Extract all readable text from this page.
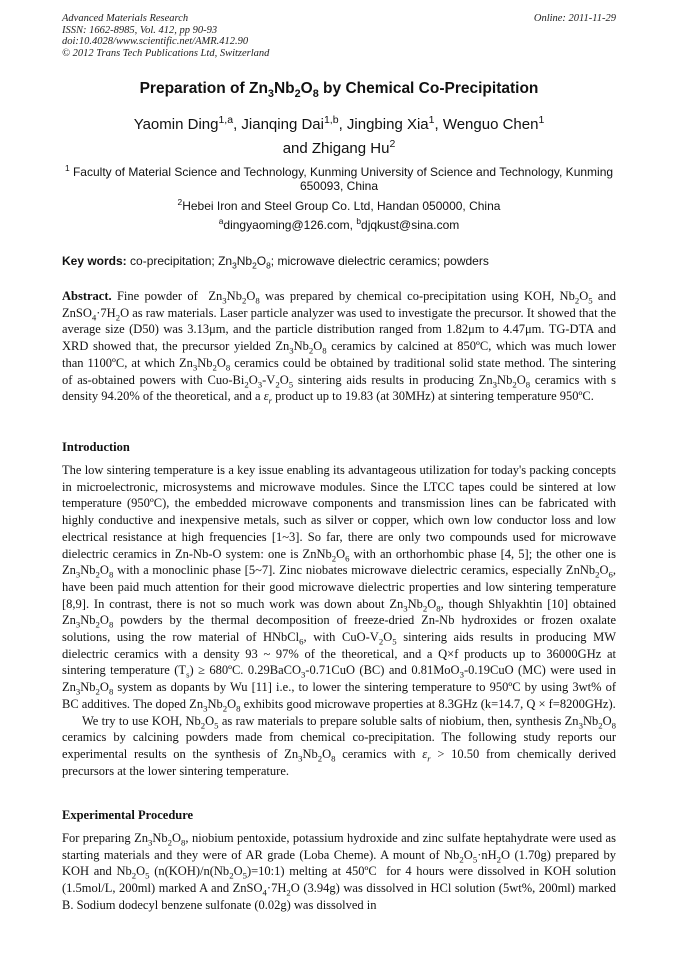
Advanced Materials Research
ISSN: 1662-8985, Vol. 412, pp 90-93
doi:10.4028/www.scientific.net/AMR.412.90
© 2012 Trans Tech Publications Ltd, Switzerland
Online: 2011-11-29
Preparation of $Zn_3Nb_2O_8$ by Chemical Co-Precipitation
Yaomin Ding$^{1,a}$, Jianqing Dai$^{1,b}$, Jingbing Xia$^1$, Wenguo Chen$^1$
and Zhigang Hu$^2$
$^1$ Faculty of Material Science and Technology, Kunming University of Science and Technology, Kunming 650093, China
$^2$Hebei Iron and Steel Group Co. Ltd, Handan 050000, China
$^a$dingyaoming@126.com, $^b$djqkust@sina.com
Key words: co-precipitation; $Zn_3Nb_2O_8$; microwave dielectric ceramics; powders

Abstract. Fine powder of  $Zn_3Nb_2O_8$ was prepared by chemical co-precipitation using KOH, $Nb_2O_5$ and $ZnSO_4\cdot 7H_2O$ as raw materials. Laser particle analyzer was used to investigate the precursor. It showed that the average size (D50) was 3.13μm, and the particle distribution ranged from 1.82μm to 4.47μm. TG-DTA and XRD showed that, the precursor yielded $Zn_3Nb_2O_8$ ceramics by calcined at 850ºC, which was much lower than 1100ºC, at which $Zn_3Nb_2O_8$ ceramics could be obtained by traditional solid state method. The sintering of as-obtained powers with Cuo-$Bi_2O_3-V_2O_5$ sintering aids results in producing $Zn_3Nb_2O_8$ ceramics with s density 94.20% of the theoretical, and a $\varepsilon_r$ product up to 19.83 (at 30MHz) at sintering temperature 950ºC.

Introduction

The low sintering temperature is a key issue enabling its advantageous utilization for today's packing concepts in microelectronic, microsystems and microwave modules. Since the LTCC tapes could be sintered at low temperature (950ºC), the embedded microwave components and transmission lines can be fabricated with highly conductive and inexpensive metals, such as silver or copper, which own low conductor loss and low electrical resistance at high frequencies [1~3]. So far, there are only two compounds used for microwave dielectric ceramics in Zn-Nb-O system: one is $ZnNb_2O_6$ with an orthorhombic phase [4, 5]; the other one is $Zn_3Nb_2O_8$ with a monoclinic phase [5~7]. Zinc niobates microwave dielectric ceramics, especially $ZnNb_2O_6$, have been paid much attention for their good microwave dielectric properties and low sintering temperature [8,9]. In contrast, there is not so much work was down about $Zn_3Nb_2O_8$, though Shlyakhtin [10] obtained $Zn_3Nb_2O_8$ powders by the thermal decomposition of freeze-dried Zn-Nb hydroxides or frozen oxalate solutions, using the row material of HNbCl$_6$, with CuO-$V_2O_5$ sintering aids results in producing MW dielectric ceramics with a density 93 ~ 97% of the theoretical, and a Q×f products up to 36000GHz at sintering temperature $(T_s)$ ≥ 680ºC. 0.29BaCO$_3$-0.71CuO (BC) and 0.81MoO$_3$-0.19CuO (MC) were used in $Zn_3Nb_2O_8$ system as dopants by Wu [11] i.e., to lower the sintering temperature to 950ºC by using 3wt% of BC additives. The doped $Zn_3Nb_2O_8$ exhibits good microwave properties at 8.3GHz (k=14.7, Q × f=8200GHz).

We try to use KOH, $Nb_2O_5$ as raw materials to prepare soluble salts of niobium, then, synthesis $Zn_3Nb_2O_8$ ceramics by calcining powders made from chemical co-precipitation. The following study reports our experimental results on the synthesis of $Zn_3Nb_2O_8$ ceramics with $\varepsilon_r > 10.50$ from chemically derived precursors at the lower sintering temperature.

Experimental Procedure

For preparing $Zn_3Nb_2O_8$, niobium pentoxide, potassium hydroxide and zinc sulfate heptahydrate were used as starting materials and they were of AR grade (Loba Cheme). A mount of $Nb_2O_5\cdot nH_2O$ (1.70g) prepared by KOH and $Nb_2O_5$ $(n(KOH)/n(Nb_2O_5)=10:1)$ melting at 450ºC  for 4 hours were dissolved in KOH solution (1.5mol/L, 200ml) marked A and $ZnSO_4\cdot 7H_2O$ (3.94g) was dissolved in HCl solution (5wt%, 200ml) marked B. Sodium dodecyl benzene sulfonate (0.02g) was dissolved in
